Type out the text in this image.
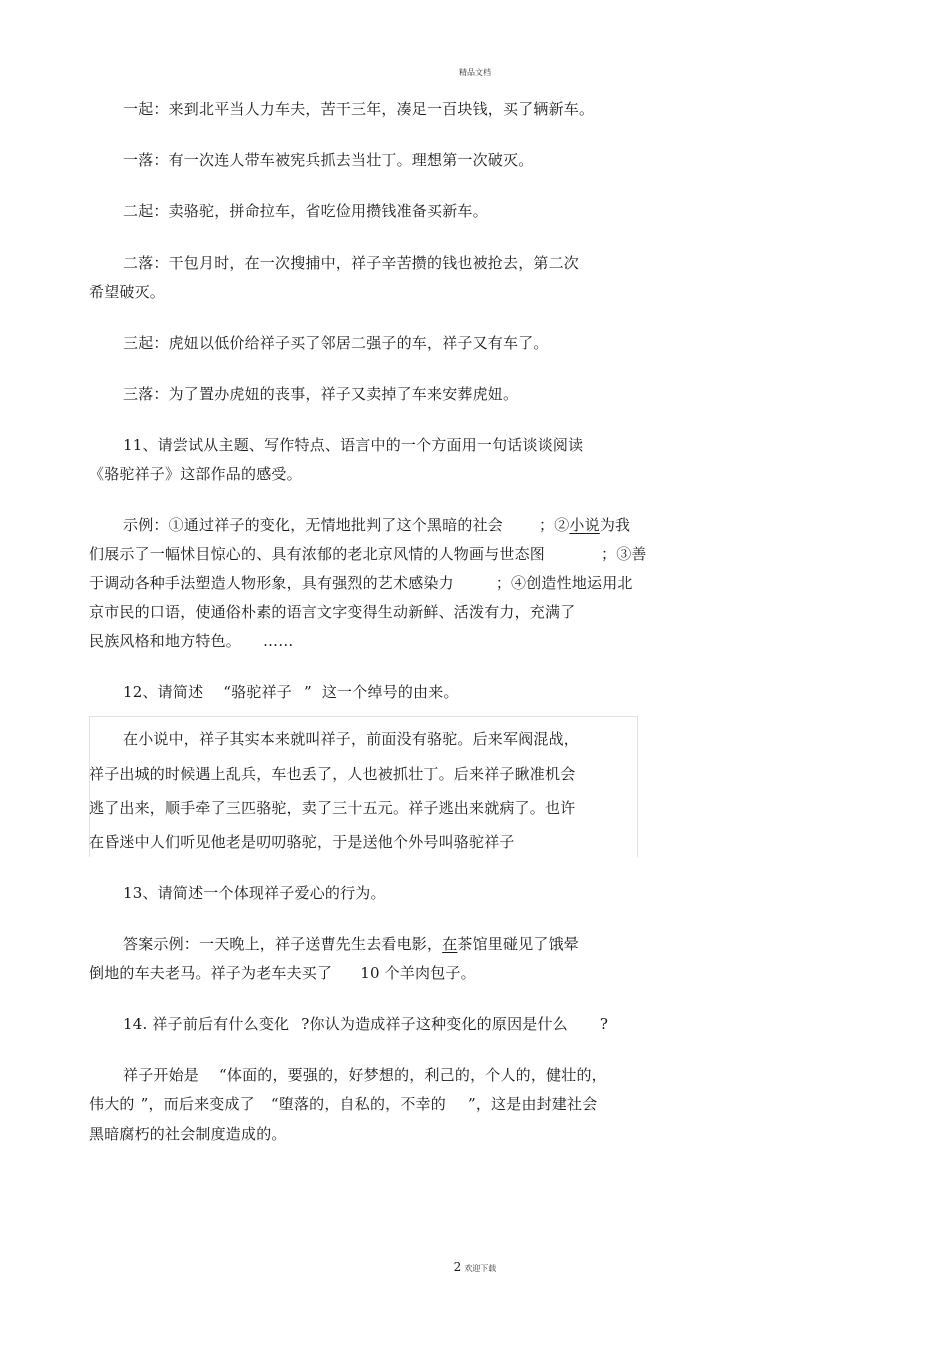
精品文档
一起：来到北平当人力车夫，苦干三年，凑足一百块钱，买了辆新车。
一落：有一次连人带车被宪兵抓去当壮丁。理想第一次破灭。
二起：卖骆驼，拼命拉车，省吃俭用攒钱准备买新车。
二落：干包月时，在一次搜捕中，祥子辛苦攒的钱也被抢去，第二次
希望破灭。
三起：虎妞以低价给祥子买了邻居二强子的车，祥子又有车了。
三落：为了置办虎妞的丧事，祥子又卖掉了车来安葬虎妞。
11、请尝试从主题、写作特点、语言中的一个方面用一句话谈谈阅读
《骆驼祥子》这部作品的感受。
示例：①通过祥子的变化，无情地批判了这个黑暗的社会 ；②小说为我
们展示了一幅怵目惊心的、具有浓郁的老北京风情的人物画与世态图	；③善
于调动各种手法塑造人物形象，具有强烈的艺术感染力	；④创造性地运用北
京市民的口语，使通俗朴素的语言文字变得生动新鲜、活泼有力，充满了
民族风格和地方特色。 ……
12、请简述 “骆驼祥子 ” 这一个绰号的由来。
在小说中，祥子其实本来就叫祥子，前面没有骆驼。后来军阀混战，
祥子出城的时候遇上乱兵，车也丢了，人也被抓壮丁。后来祥子瞅准机会
逃了出来，顺手牵了三匹骆驼，卖了三十五元。祥子逃出来就病了。也许
在昏迷中人们听见他老是叨叨骆驼，于是送他个外号叫骆驼祥子
13、请简述一个体现祥子爱心的行为。
答案示例：一天晚上，祥子送曹先生去看电影，在茶馆里碰见了饿晕
倒地的车夫老马。祥子为老车夫买了 10 个羊肉包子。
14. 祥子前后有什么变化 ?你认为造成祥子这种变化的原因是什么 ?
祥子开始是 “体面的，要强的，好梦想的，利己的，个人的，健壮的，
伟大的 ”，而后来变成了 “堕落的，自私的，不幸的 ”，这是由封建社会
黑暗腐朽的社会制度造成的。
2 欢迎下载
